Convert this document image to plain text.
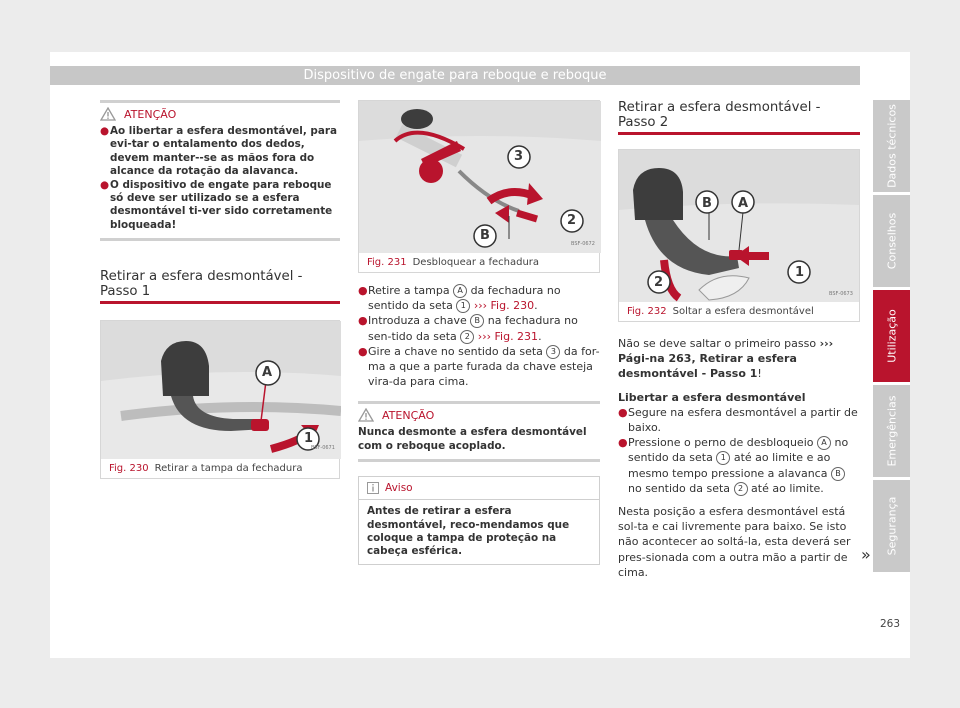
Dispositivo de engate para reboque e reboque
ATENÇÃO
● Ao libertar a esfera desmontável, para evi-tar o entalamento dos dedos, devem manter--se as mãos fora do alcance da rotação da alavanca.
● O dispositivo de engate para reboque só deve ser utilizado se a esfera desmontável ti-ver sido corretamente bloqueada!
Retirar a esfera desmontável - Passo 1
A
1
BSF-0671
Fig. 230 Retirar a tampa da fechadura
3
2
B
BSF-0672
Fig. 231 Desbloquear a fechadura
● Retire a tampa A da fechadura no sentido da seta 1 ››› Fig. 230.
● Introduza a chave B na fechadura no sen-tido da seta 2 ››› Fig. 231.
● Gire a chave no sentido da seta 3 da for-ma a que a parte furada da chave esteja vira-da para cima.
ATENÇÃO
Nunca desmonte a esfera desmontável com o reboque acoplado.
Aviso
Antes de retirar a esfera desmontável, reco-mendamos que coloque a tampa de proteção na cabeça esférica.
Retirar a esfera desmontável - Passo 2
B A
1
2
BSF-0673
Fig. 232 Soltar a esfera desmontável
Não se deve saltar o primeiro passo ››› Pági-na 263, Retirar a esfera desmontável - Passo 1!
Libertar a esfera desmontável
● Segure na esfera desmontável a partir de baixo.
● Pressione o perno de desbloqueio A no sentido da seta 1 até ao limite e ao mesmo tempo pressione a alavanca B no sentido da seta 2 até ao limite.
Nesta posição a esfera desmontável está sol-ta e cai livremente para baixo. Se isto não acontecer ao soltá-la, esta deverá ser pres-sionada com a outra mão a partir de cima.
»
Dados técnicos
Conselhos
Utilização
Emergências
Segurança
263
